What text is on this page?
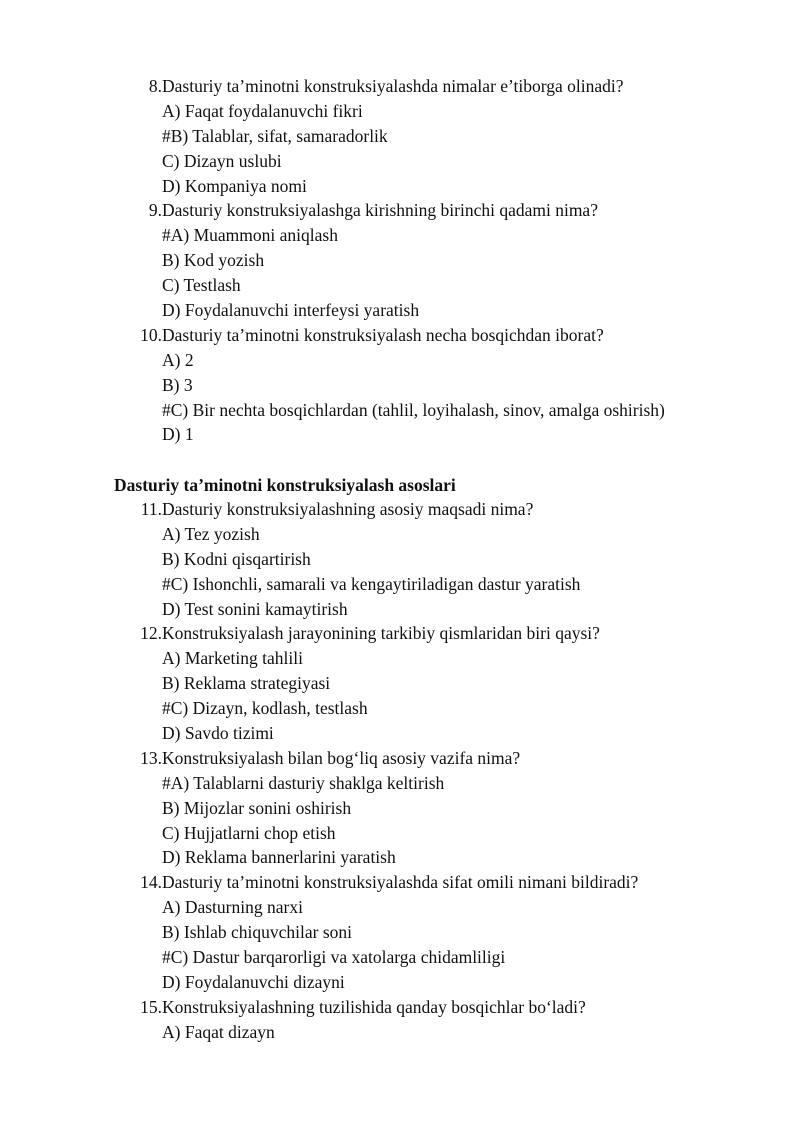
8. Dasturiy ta’minotni konstruksiyalashda nimalar e’tiborga olinadi?
A) Faqat foydalanuvchi fikri
#B) Talablar, sifat, samaradorlik
C) Dizayn uslubi
D) Kompaniya nomi
9. Dasturiy konstruksiyalashga kirishning birinchi qadami nima?
#A) Muammoni aniqlash
B) Kod yozish
C) Testlash
D) Foydalanuvchi interfeysi yaratish
10. Dasturiy ta’minotni konstruksiyalash necha bosqichdan iborat?
A) 2
B) 3
#C) Bir nechta bosqichlardan (tahlil, loyihalash, sinov, amalga oshirish)
D) 1
Dasturiy ta’minotni konstruksiyalash asoslari
11. Dasturiy konstruksiyalashning asosiy maqsadi nima?
A) Tez yozish
B) Kodni qisqartirish
#C) Ishonchli, samarali va kengaytiriladigan dastur yaratish
D) Test sonini kamaytirish
12. Konstruksiyalash jarayonining tarkibiy qismlaridan biri qaysi?
A) Marketing tahlili
B) Reklama strategiyasi
#C) Dizayn, kodlash, testlash
D) Savdo tizimi
13. Konstruksiyalash bilan bog‘liq asosiy vazifa nima?
#A) Talablarni dasturiy shaklga keltirish
B) Mijozlar sonini oshirish
C) Hujjatlarni chop etish
D) Reklama bannerlarini yaratish
14. Dasturiy ta’minotni konstruksiyalashda sifat omili nimani bildiradi?
A) Dasturning narxi
B) Ishlab chiquvchilar soni
#C) Dastur barqarorligi va xatolarga chidamliligi
D) Foydalanuvchi dizayni
15. Konstruksiyalashning tuzilishida qanday bosqichlar bo‘ladi?
A) Faqat dizayn
